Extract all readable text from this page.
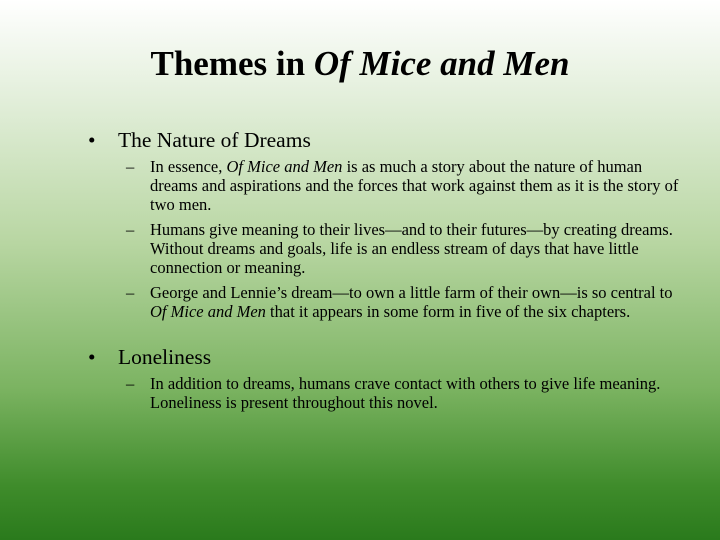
Themes in Of Mice and Men
• The Nature of Dreams
– In essence, Of Mice and Men is as much a story about the nature of human dreams and aspirations and the forces that work against them as it is the story of two men.
– Humans give meaning to their lives—and to their futures—by creating dreams. Without dreams and goals, life is an endless stream of days that have little connection or meaning.
– George and Lennie’s dream—to own a little farm of their own—is so central to Of Mice and Men that it appears in some form in five of the six chapters.
• Loneliness
– In addition to dreams, humans crave contact with others to give life meaning. Loneliness is present throughout this novel.
